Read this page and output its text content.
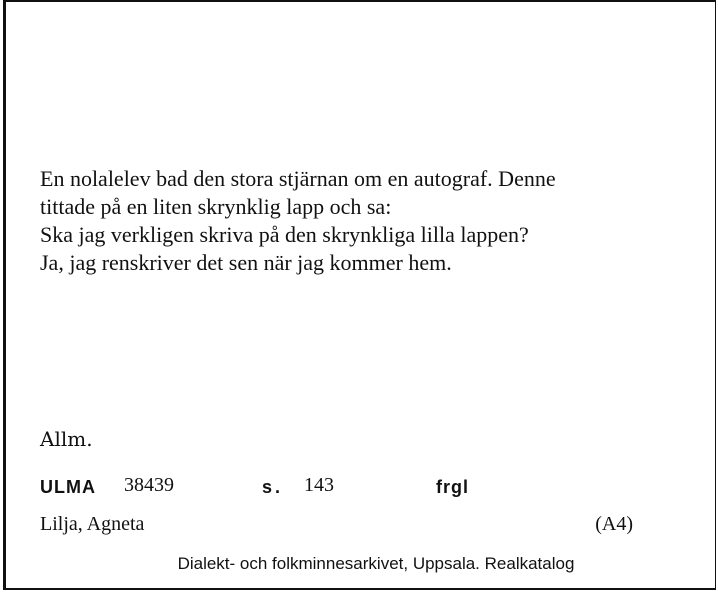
En nolalelev bad den stora stjärnan om en autograf. Denne
tittade på en liten skrynklig lapp och sa:
Ska jag verkligen skriva på den skrynkliga lilla lappen?
Ja, jag renskriver det sen när jag kommer hem.

Allm.
ULMA 38439	s. 143	frgl
Lilja, Agneta	(A4)
Dialekt- och folkminnesarkivet, Uppsala. Realkatalog
